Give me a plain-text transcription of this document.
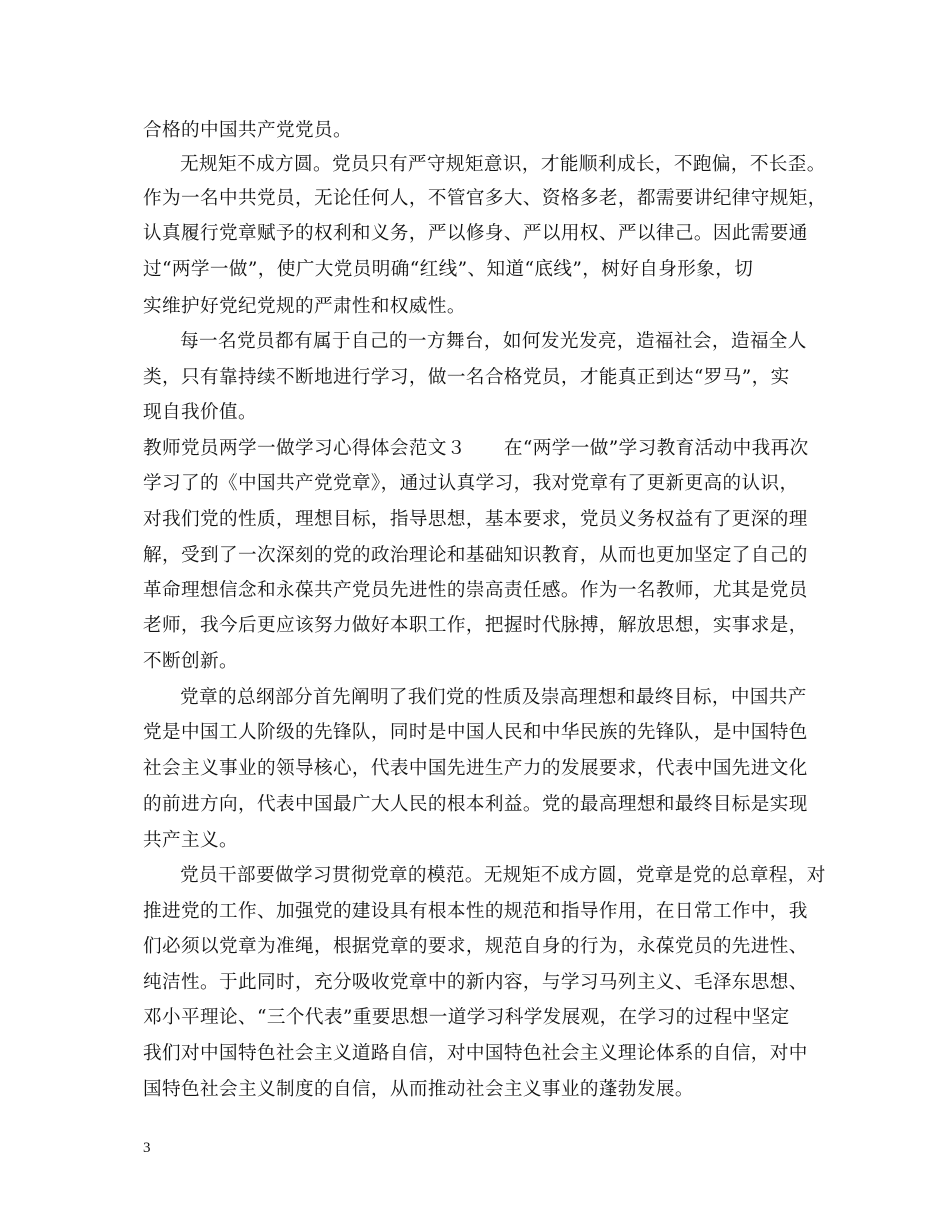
合格的中国共产党党员。
无规矩不成方圆。党员只有严守规矩意识，才能顺利成长，不跑偏，不长歪。
作为一名中共党员，无论任何人，不管官多大、资格多老，都需要讲纪律守规矩，
认真履行党章赋予的权利和义务，严以修身、严以用权、严以律己。因此需要通
过“两学一做”，使广大党员明确“红线”、知道“底线”，树好自身形象，切
实维护好党纪党规的严肃性和权威性。
每一名党员都有属于自己的一方舞台，如何发光发亮，造福社会，造福全人
类，只有靠持续不断地进行学习，做一名合格党员，才能真正到达“罗马”，实
现自我价值。
教师党员两学一做学习心得体会范文３　　在“两学一做”学习教育活动中我再次
学习了的《中国共产党党章》，通过认真学习，我对党章有了更新更高的认识，
对我们党的性质，理想目标，指导思想，基本要求，党员义务权益有了更深的理
解，受到了一次深刻的党的政治理论和基础知识教育，从而也更加坚定了自己的
革命理想信念和永葆共产党员先进性的崇高责任感。作为一名教师，尤其是党员
老师，我今后更应该努力做好本职工作，把握时代脉搏，解放思想，实事求是，
不断创新。
党章的总纲部分首先阐明了我们党的性质及崇高理想和最终目标，中国共产
党是中国工人阶级的先锋队，同时是中国人民和中华民族的先锋队，是中国特色
社会主义事业的领导核心，代表中国先进生产力的发展要求，代表中国先进文化
的前进方向，代表中国最广大人民的根本利益。党的最高理想和最终目标是实现
共产主义。
党员干部要做学习贯彻党章的模范。无规矩不成方圆，党章是党的总章程，对
推进党的工作、加强党的建设具有根本性的规范和指导作用，在日常工作中，我
们必须以党章为准绳，根据党章的要求，规范自身的行为，永葆党员的先进性、
纯洁性。于此同时，充分吸收党章中的新内容，与学习马列主义、毛泽东思想、
邓小平理论、“三个代表”重要思想一道学习科学发展观，在学习的过程中坚定
我们对中国特色社会主义道路自信，对中国特色社会主义理论体系的自信，对中
国特色社会主义制度的自信，从而推动社会主义事业的蓬勃发展。
3
